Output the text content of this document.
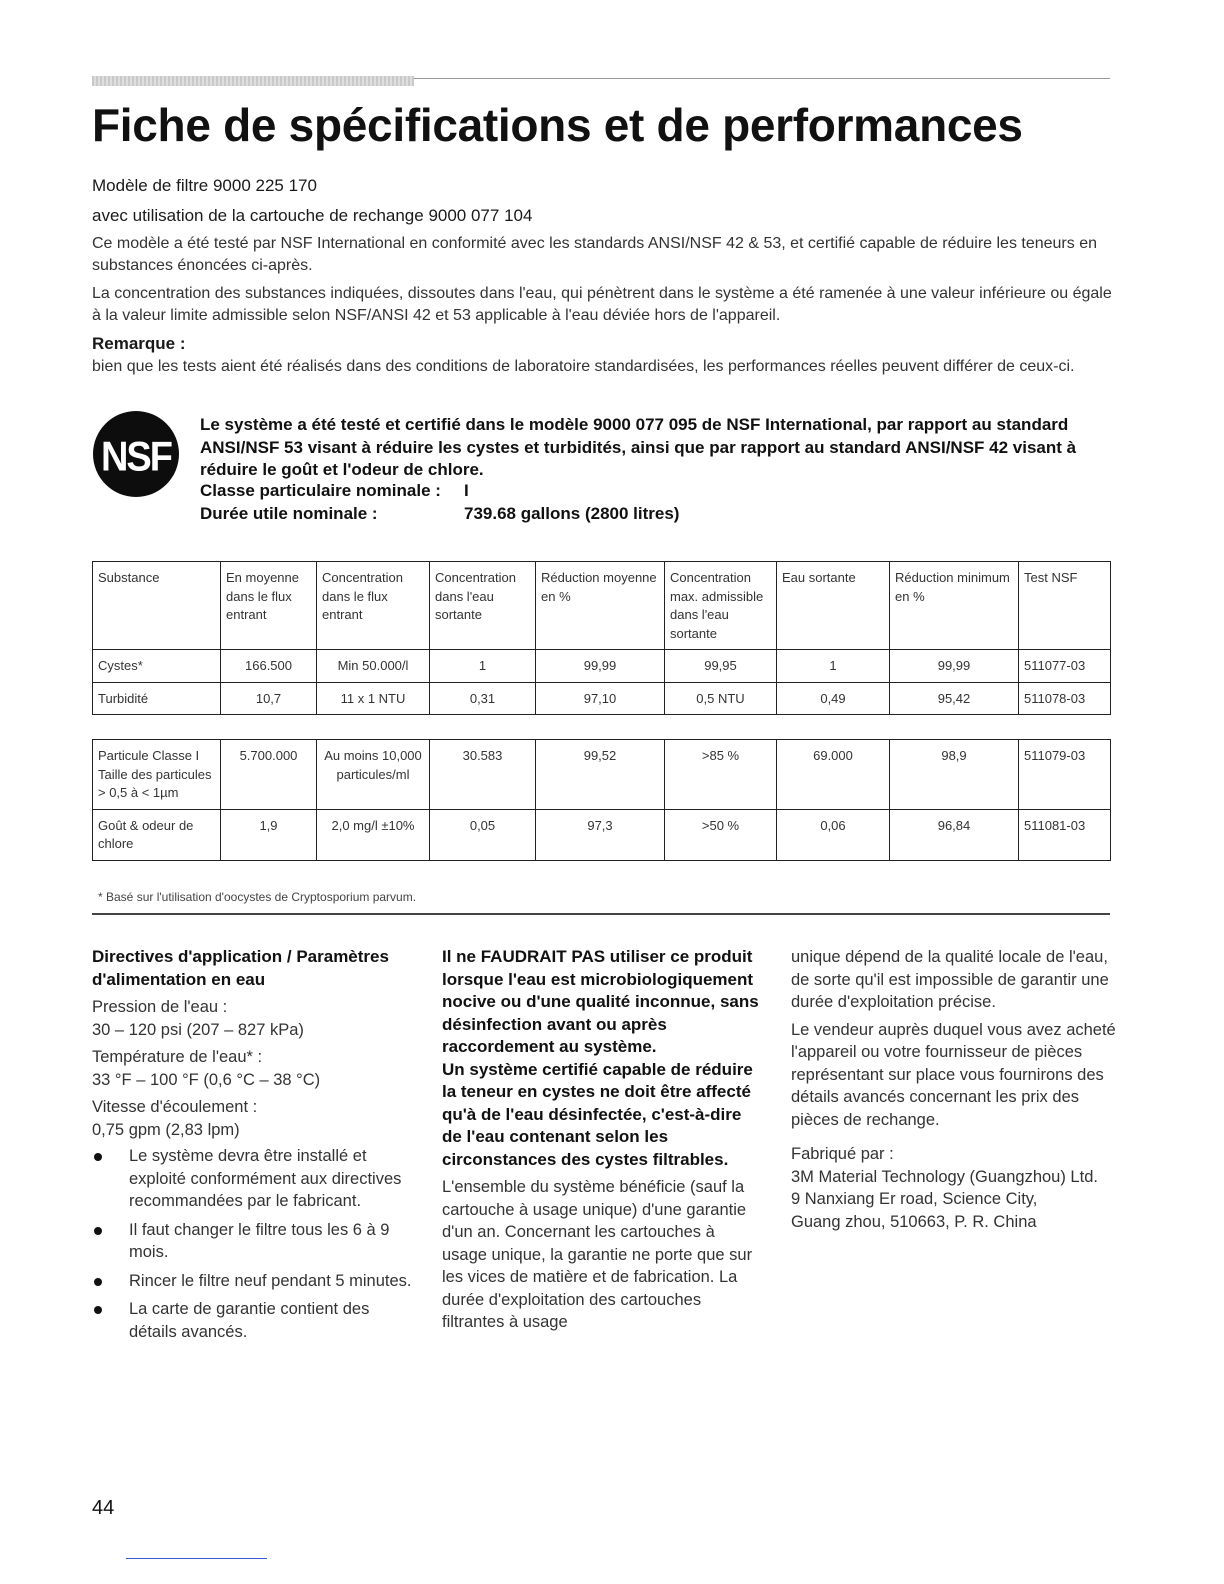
Fiche de spécifications et de performances
Modèle de filtre 9000 225 170
avec utilisation de la cartouche de rechange 9000 077 104
Ce modèle a été testé par NSF International en conformité avec les standards ANSI/NSF 42 & 53, et certifié capable de réduire les teneurs en substances énoncées ci-après.
La concentration des substances indiquées, dissoutes dans l'eau, qui pénètrent dans le système a été ramenée à une valeur inférieure ou égale à la valeur limite admissible selon NSF/ANSI 42 et 53 applicable à l'eau déviée hors de l'appareil.
Remarque :
bien que les tests aient été réalisés dans des conditions de laboratoire standardisées, les performances réelles peuvent différer de ceux-ci.
NSF
Le système a été testé et certifié dans le modèle 9000 077 095 de NSF International, par rapport au standard ANSI/NSF 53 visant à réduire les cystes et turbidités, ainsi que par rapport au standard ANSI/NSF 42 visant à réduire le goût et l'odeur de chlore.
Classe particulaire nominale : I
Durée utile nominale :	739.68 gallons (2800 litres)
Substance	En moyenne dans le flux entrant	Concentration dans le flux entrant	Concentration dans l'eau sortante	Réduction moyenne en %	Concentration max. admissible dans l'eau sortante	Eau sortante	Réduction minimum en %	Test NSF
Cystes*	166.500	Min 50.000/l	1	99,99	99,95	1	99,99	511077-03
Turbidité	10,7	11 x 1 NTU	0,31	97,10	0,5 NTU	0,49	95,42	511078-03
Particule Classe I Taille des particules > 0,5 à < 1µm	5.700.000	Au moins 10,000 particules/ml	30.583	99,52	>85 %	69.000	98,9	511079-03
Goût & odeur de chlore	1,9	2,0 mg/l ±10%	0,05	97,3	>50 %	0,06	96,84	511081-03
* Basé sur l'utilisation d'oocystes de Cryptosporium parvum.
Directives d'application / Paramètres d'alimentation en eau
Pression de l'eau :
30 – 120 psi (207 – 827 kPa)
Température de l'eau* :
33 °F – 100 °F (0,6 °C – 38 °C)
Vitesse d'écoulement :
0,75 gpm (2,83 lpm)
Le système devra être installé et exploité conformément aux directives recommandées par le fabricant.
Il faut changer le filtre tous les 6 à 9 mois.
Rincer le filtre neuf pendant 5 minutes.
La carte de garantie contient des détails avancés.
Il ne FAUDRAIT PAS utiliser ce produit lorsque l'eau est microbiologiquement nocive ou d'une qualité inconnue, sans désinfection avant ou après raccordement au système.
Un système certifié capable de réduire la teneur en cystes ne doit être affecté qu'à de l'eau désinfectée, c'est-à-dire de l'eau contenant selon les circonstances des cystes filtrables.
L'ensemble du système bénéficie (sauf la cartouche à usage unique) d'une garantie d'un an. Concernant les cartouches à usage unique, la garantie ne porte que sur les vices de matière et de fabrication. La durée d'exploitation des cartouches filtrantes à usage
unique dépend de la qualité locale de l'eau, de sorte qu'il est impossible de garantir une durée d'exploitation précise.
Le vendeur auprès duquel vous avez acheté l'appareil ou votre fournisseur de pièces représentant sur place vous fournirons des détails avancés concernant les prix des pièces de rechange.
Fabriqué par :
3M Material Technology (Guangzhou) Ltd.
9 Nanxiang Er road, Science City,
Guang zhou, 510663, P. R. China
44
